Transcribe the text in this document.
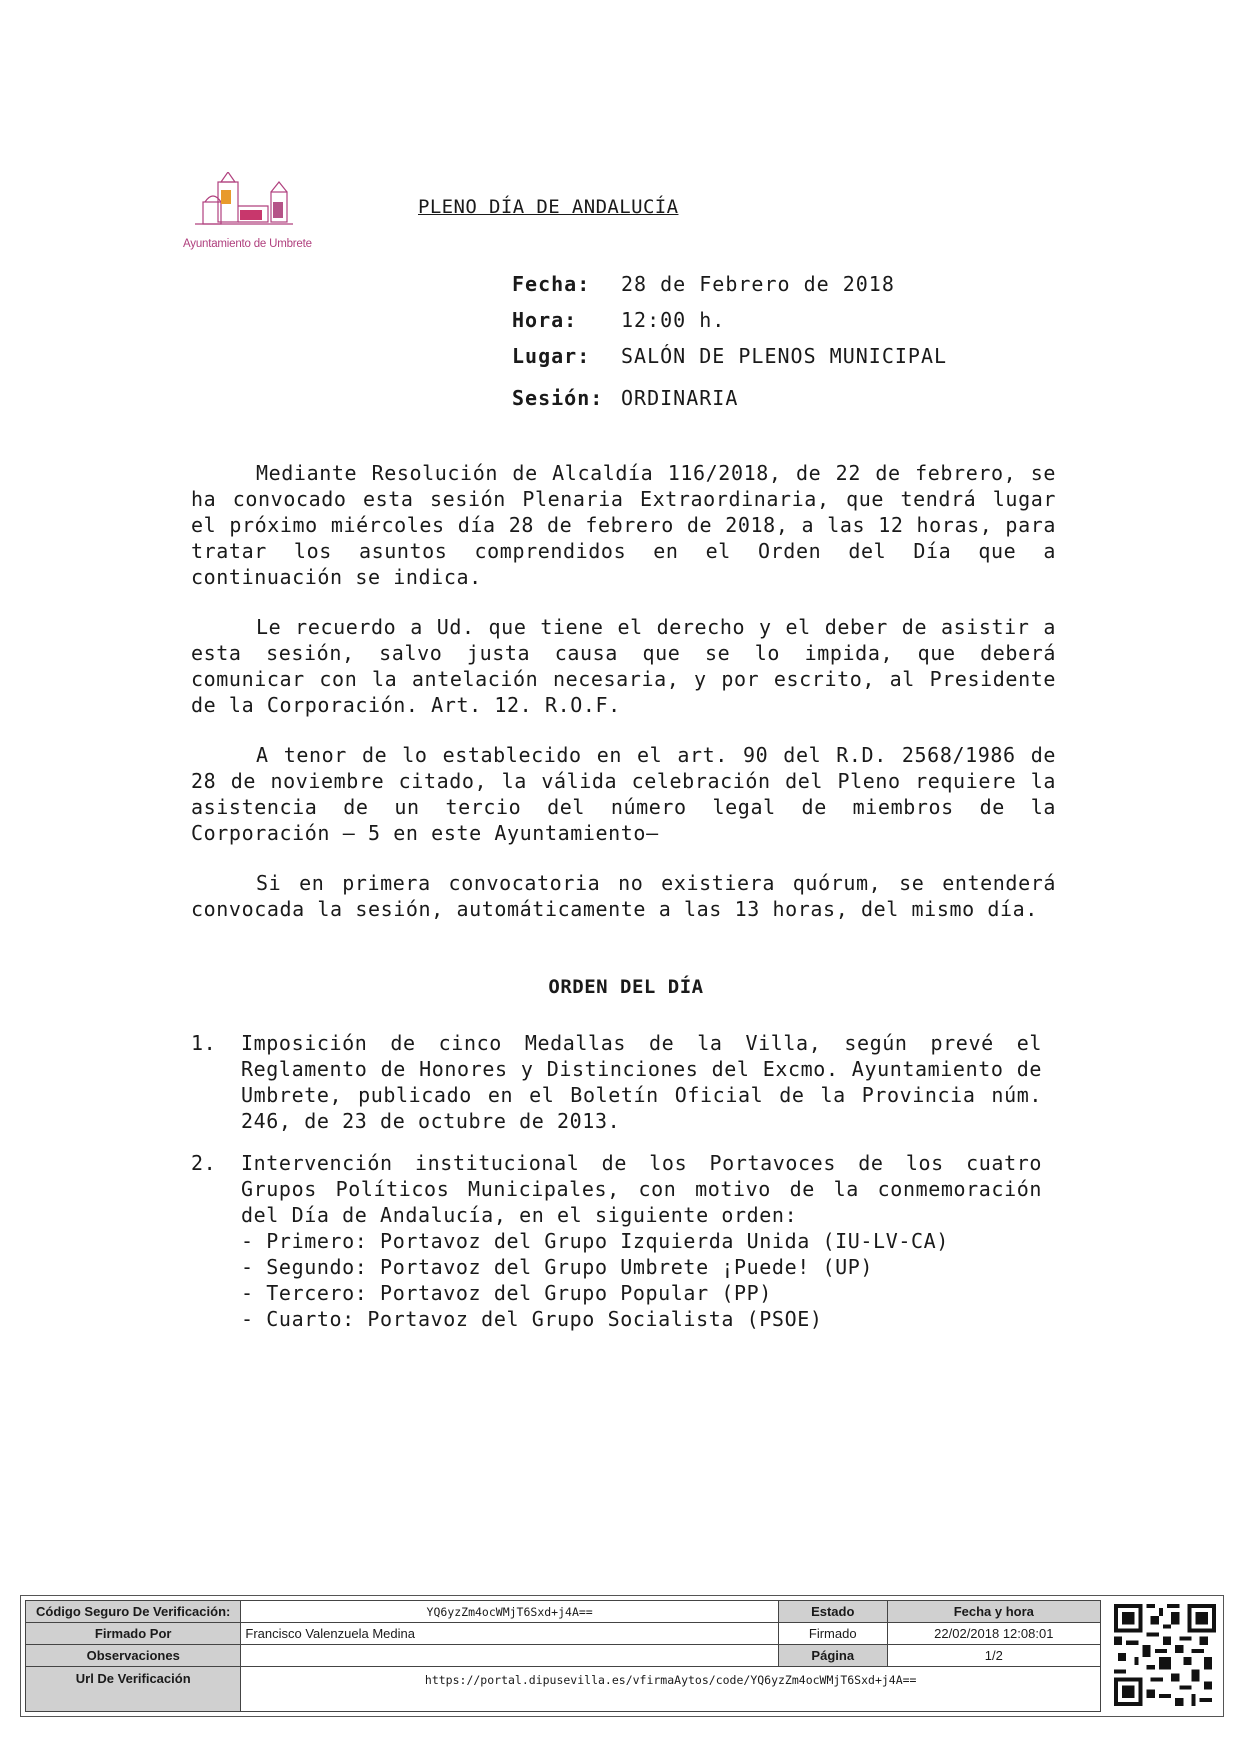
Ayuntamiento de Umbrete
PLENO DÍA DE ANDALUCÍA
Fecha: 28 de Febrero de 2018
Hora: 12:00 h.
Lugar: SALÓN DE PLENOS MUNICIPAL
Sesión: ORDINARIA

Mediante Resolución de Alcaldía 116/2018, de 22 de febrero, se ha convocado esta sesión Plenaria Extraordinaria, que tendrá lugar el próximo miércoles día 28 de febrero de 2018, a las 12 horas, para tratar los asuntos comprendidos en el Orden del Día que a continuación se indica.

Le recuerdo a Ud. que tiene el derecho y el deber de asistir a esta sesión, salvo justa causa que se lo impida, que deberá comunicar con la antelación necesaria, y por escrito, al Presidente de la Corporación. Art. 12. R.O.F.

A tenor de lo establecido en el art. 90 del R.D. 2568/1986 de 28 de noviembre citado, la válida celebración del Pleno requiere la asistencia de un tercio del número legal de miembros de la Corporación – 5 en este Ayuntamiento–

Si en primera convocatoria no existiera quórum, se entenderá convocada la sesión, automáticamente a las 13 horas, del mismo día.

ORDEN DEL DÍA
1. Imposición de cinco Medallas de la Villa, según prevé el Reglamento de Honores y Distinciones del Excmo. Ayuntamiento de Umbrete, publicado en el Boletín Oficial de la Provincia núm. 246, de 23 de octubre de 2013.
2. Intervención institucional de los Portavoces de los cuatro Grupos Políticos Municipales, con motivo de la conmemoración del Día de Andalucía, en el siguiente orden:
- Primero: Portavoz del Grupo Izquierda Unida (IU-LV-CA)
- Segundo: Portavoz del Grupo Umbrete ¡Puede! (UP)
- Tercero: Portavoz del Grupo Popular (PP)
- Cuarto: Portavoz del Grupo Socialista (PSOE)
Código Seguro De Verificación:	YQ6yzZm4ocWMjT6Sxd+j4A==	Estado	Fecha y hora
Firmado Por	Francisco Valenzuela Medina	Firmado	22/02/2018 12:08:01
Observaciones		Página	1/2
Url De Verificación	https://portal.dipusevilla.es/vfirmaAytos/code/YQ6yzZm4ocWMjT6Sxd+j4A==		
